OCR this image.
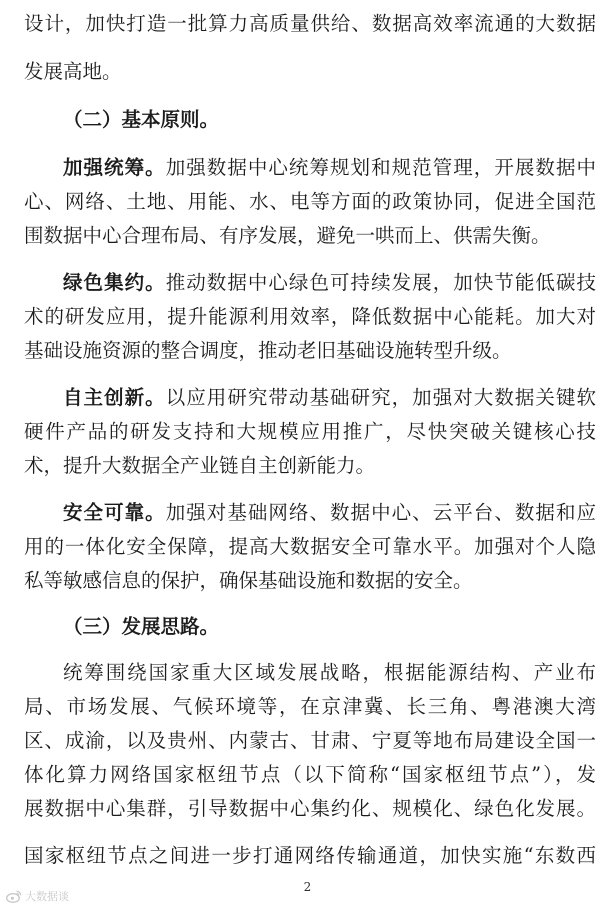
设计，加快打造一批算力高质量供给、数据高效率流通的大数据
发展高地。
（二）基本原则。
加强统筹。加强数据中心统筹规划和规范管理，开展数据中
心、网络、土地、用能、水、电等方面的政策协同，促进全国范
围数据中心合理布局、有序发展，避免一哄而上、供需失衡。
绿色集约。推动数据中心绿色可持续发展，加快节能低碳技
术的研发应用，提升能源利用效率，降低数据中心能耗。加大对
基础设施资源的整合调度，推动老旧基础设施转型升级。
自主创新。以应用研究带动基础研究，加强对大数据关键软
硬件产品的研发支持和大规模应用推广，尽快突破关键核心技
术，提升大数据全产业链自主创新能力。
安全可靠。加强对基础网络、数据中心、云平台、数据和应
用的一体化安全保障，提高大数据安全可靠水平。加强对个人隐
私等敏感信息的保护，确保基础设施和数据的安全。
（三）发展思路。
统筹围绕国家重大区域发展战略，根据能源结构、产业布
局、市场发展、气候环境等，在京津冀、长三角、粤港澳大湾
区、成渝，以及贵州、内蒙古、甘肃、宁夏等地布局建设全国一
体化算力网络国家枢纽节点（以下简称“国家枢纽节点”），发
展数据中心集群，引导数据中心集约化、规模化、绿色化发展。
国家枢纽节点之间进一步打通网络传输通道，加快实施“东数西
2
大数据谈
